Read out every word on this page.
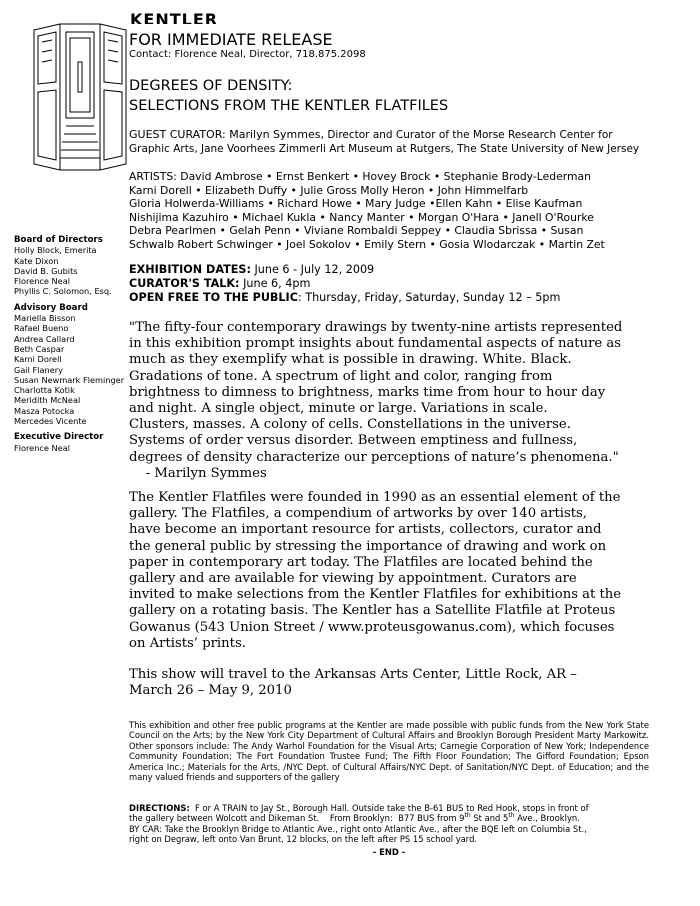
KENTLER
FOR IMMEDIATE RELEASE
Contact: Florence Neal, Director, 718.875.2098
DEGREES OF DENSITY:
SELECTIONS FROM THE KENTLER FLATFILES
GUEST CURATOR: Marilyn Symmes, Director and Curator of the Morse Research Center for
Graphic Arts, Jane Voorhees Zimmerli Art Museum at Rutgers, The State University of New Jersey
ARTISTS: David Ambrose • Ernst Benkert • Hovey Brock • Stephanie Brody-Lederman
Karni Dorell • Elizabeth Duffy • Julie Gross Molly Heron • John Himmelfarb
Gloria Holwerda-Williams • Richard Howe • Mary Judge •Ellen Kahn • Elise Kaufman
Nishijima Kazuhiro • Michael Kukla • Nancy Manter • Morgan O'Hara • Janell O'Rourke
Debra Pearlmen • Gelah Penn • Viviane Rombaldi Seppey • Claudia Sbrissa • Susan
Schwalb Robert Schwinger • Joel Sokolov • Emily Stern • Gosia Wlodarczak • Martin Zet
EXHIBITION DATES: June 6 - July 12, 2009
CURATOR'S TALK: June 6, 4pm
OPEN FREE TO THE PUBLIC: Thursday, Friday, Saturday, Sunday 12 – 5pm
Board of Directors
Holly Block, Emerita
Kate Dixon
David B. Gubits
Florence Neal
Phyllis C. Solomon, Esq.
Advisory Board
Mariella Bisson
Rafael Bueno
Andrea Callard
Beth Caspar
Karni Dorell
Gail Flanery
Susan Newmark Fleminger
Charlotta Kotik
Meridith McNeal
Masza Potocka
Mercedes Vicente
Executive Director
Florence Neal
"The fifty-four contemporary drawings by twenty-nine artists represented
in this exhibition prompt insights about fundamental aspects of nature as
much as they exemplify what is possible in drawing. White. Black.
Gradations of tone. A spectrum of light and color, ranging from
brightness to dimness to brightness, marks time from hour to hour day
and night. A single object, minute or large. Variations in scale.
Clusters, masses. A colony of cells. Constellations in the universe.
Systems of order versus disorder. Between emptiness and fullness,
degrees of density characterize our perceptions of nature’s phenomena."
- Marilyn Symmes
The Kentler Flatfiles were founded in 1990 as an essential element of the
gallery. The Flatfiles, a compendium of artworks by over 140 artists,
have become an important resource for artists, collectors, curator and
the general public by stressing the importance of drawing and work on
paper in contemporary art today. The Flatfiles are located behind the
gallery and are available for viewing by appointment. Curators are
invited to make selections from the Kentler Flatfiles for exhibitions at the
gallery on a rotating basis. The Kentler has a Satellite Flatfile at Proteus
Gowanus (543 Union Street / www.proteusgowanus.com), which focuses
on Artists’ prints.
This show will travel to the Arkansas Arts Center, Little Rock, AR –
March 26 – May 9, 2010
This exhibition and other free public programs at the Kentler are made possible with public funds from the New York State Council on the Arts; by the New York City Department of Cultural Affairs and Brooklyn Borough President Marty Markowitz. Other sponsors include: The Andy Warhol Foundation for the Visual Arts; Carnegie Corporation of New York; Independence Community Foundation; The Fort Foundation Trustee Fund; The Fifth Floor Foundation; The Gifford Foundation; Epson America Inc.; Materials for the Arts, /NYC Dept. of Cultural Affairs/NYC Dept. of Sanitation/NYC Dept. of Education; and the many valued friends and supporters of the gallery
DIRECTIONS:  F or A TRAIN to Jay St., Borough Hall. Outside take the B-61 BUS to Red Hook, stops in front of
the gallery between Wolcott and Dikeman St.    From Brooklyn:  B77 BUS from 9th St and 5th Ave., Brooklyn.
BY CAR: Take the Brooklyn Bridge to Atlantic Ave., right onto Atlantic Ave., after the BQE left on Columbia St.,
right on Degraw, left onto Van Brunt, 12 blocks, on the left after PS 15 school yard.
- END -
